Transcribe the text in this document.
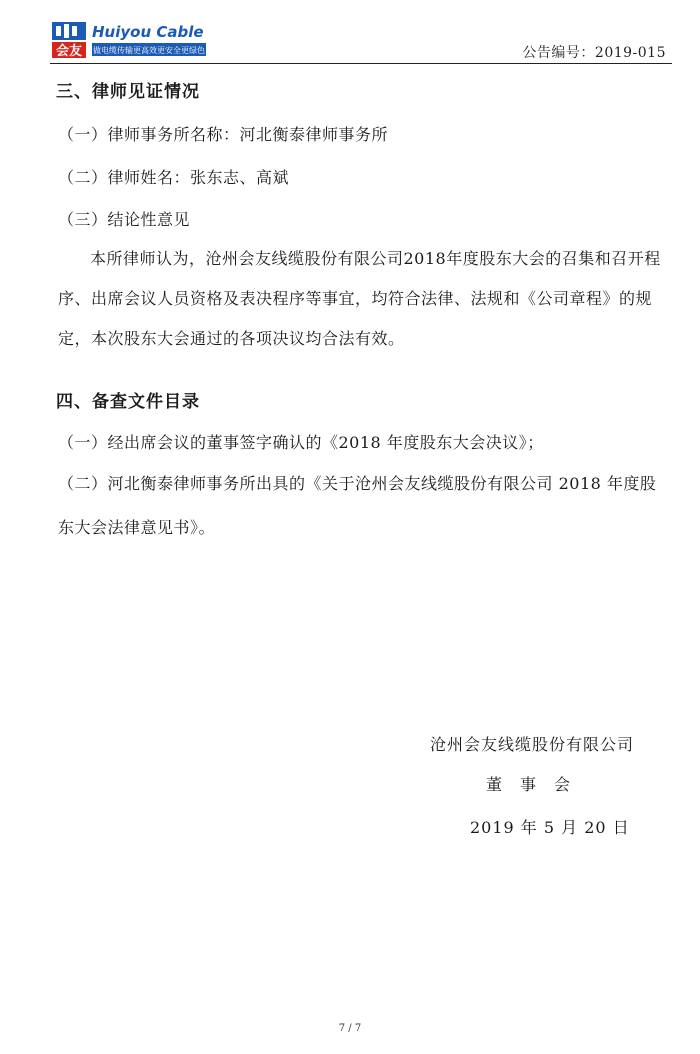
会友
Huiyou Cable
做电缆传输更高效更安全更绿色	公告编号：2019-015
三、律师见证情况
（一）律师事务所名称：河北衡泰律师事务所
（二）律师姓名：张东志、高斌
（三）结论性意见
本所律师认为，沧州会友线缆股份有限公司2018年度股东大会的召集和召开程序、出席会议人员资格及表决程序等事宜，均符合法律、法规和《公司章程》的规定，本次股东大会通过的各项决议均合法有效。
四、备查文件目录
（一）经出席会议的董事签字确认的《2018 年度股东大会决议》；
（二）河北衡泰律师事务所出具的《关于沧州会友线缆股份有限公司 2018 年度股东大会法律意见书》。
沧州会友线缆股份有限公司
董　事　会
2019 年 5 月 20 日
7 / 7
